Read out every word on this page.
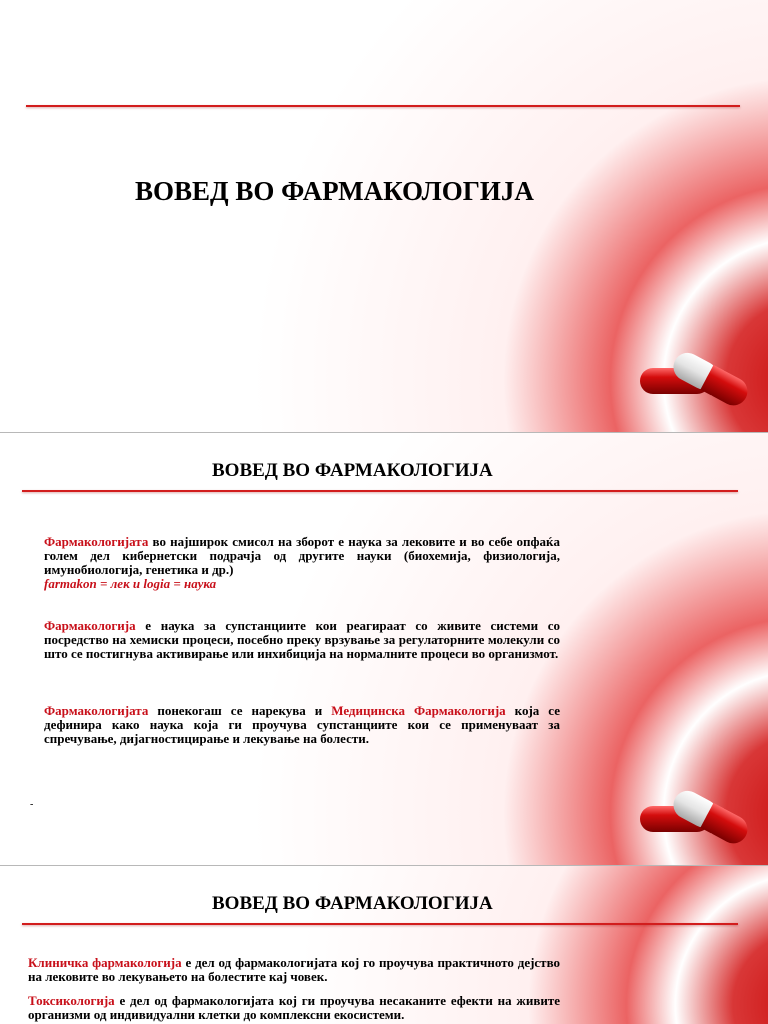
ВОВЕД ВО ФАРМАКОЛОГИЈА
ВОВЕД ВО ФАРМАКОЛОГИЈА
Фармакологијата во најширок смисол на зборот е наука за лековите и во себе опфаќа голем дел кибернетски подрачја од другите науки (биохемија, физиологија, имунобиологија, генетика и др.)
farmakon = лек и logia = наука
Фармакологија е наука за супстанциите кои реагираат со живите системи со посредство на хемиски процеси, посебно преку врзување за регулаторните молекули со што се постигнува активирање или инхибиција на нормалните процеси во организмот.
Фармакологијата понекогаш се нарекува и Медицинска Фармакологија која се дефинира како наука која ги проучува супстанциите кои се применуваат за спречување, дијагностицирање и лекување на болести.
-
ВОВЕД ВО ФАРМАКОЛОГИЈА
Клиничка фармакологија е дел од фармакологијата кој го проучува практичното дејство на лековите во лекувањето на болестите кај човек.
Токсикологија е дел од фармакологијата кој ги проучува несаканите ефекти на живите организми од индивидуални клетки до комплексни екосистеми.
